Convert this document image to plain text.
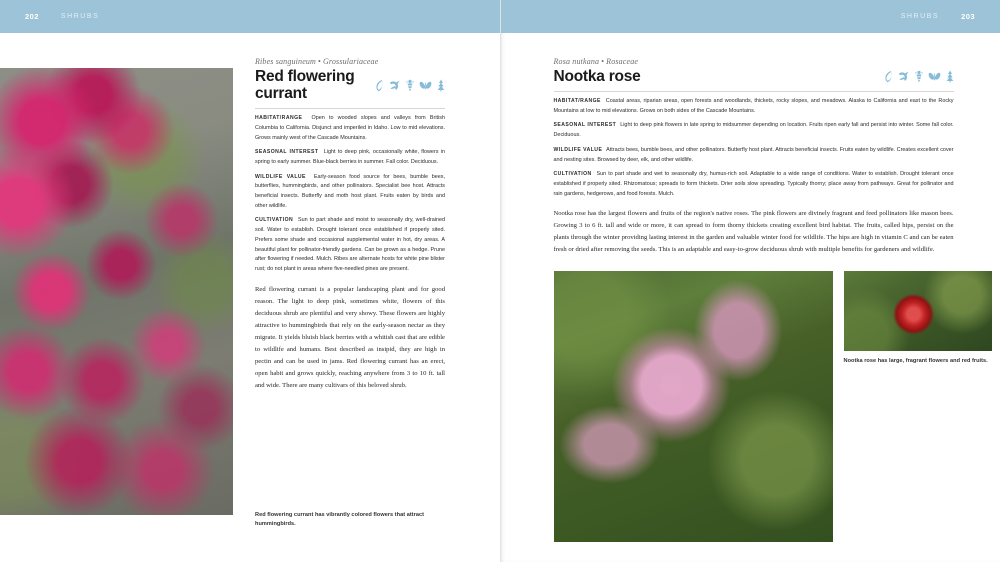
202	SHRUBS
Red flowering currant has vibrantly colored flowers that attract hummingbirds.
Ribes sanguineum • Grossulariaceae
Red flowering currant

HABITAT/RANGE Open to wooded slopes and valleys from British Columbia to California. Disjunct and imperiled in Idaho. Low to mid elevations. Grows mainly west of the Cascade Mountains.

SEASONAL INTEREST Light to deep pink, occasionally white, flowers in spring to early summer. Blue-black berries in summer. Fall color. Deciduous.

WILDLIFE VALUE Early-season food source for bees, bumble bees, butterflies, hummingbirds, and other pollinators. Specialist bee host. Attracts beneficial insects. Butterfly and moth host plant. Fruits eaten by birds and other wildlife.

CULTIVATION Sun to part shade and moist to seasonally dry, well-drained soil. Water to establish. Drought tolerant once established if properly sited. Prefers some shade and occasional supplemental water in hot, dry areas. A beautiful plant for pollinator-friendly gardens. Can be grown as a hedge. Prune after flowering if needed. Mulch. Ribes are alternate hosts for white pine blister rust; do not plant in areas where five-needled pines are present.

Red flowering currant is a popular landscaping plant and for good reason. The light to deep pink, sometimes white, flowers of this deciduous shrub are plentiful and very showy. These flowers are highly attractive to hummingbirds that rely on the early-season nectar as they migrate. It yields bluish black berries with a whitish cast that are edible to wildlife and humans. Best described as insipid, they are high in pectin and can be used in jams. Red flowering currant has an erect, open habit and grows quickly, reaching anywhere from 3 to 10 ft. tall and wide. There are many cultivars of this beloved shrub.

SHRUBS	203
Rosa nutkana • Rosaceae
Nootka rose

HABITAT/RANGE Coastal areas, riparian areas, open forests and woodlands, thickets, rocky slopes, and meadows. Alaska to California and east to the Rocky Mountains at low to mid elevations. Grows on both sides of the Cascade Mountains.

SEASONAL INTEREST Light to deep pink flowers in late spring to midsummer depending on location. Fruits ripen early fall and persist into winter. Some fall color. Deciduous.

WILDLIFE VALUE Attracts bees, bumble bees, and other pollinators. Butterfly host plant. Attracts beneficial insects. Fruits eaten by wildlife. Creates excellent cover and nesting sites. Browsed by deer, elk, and other wildlife.

CULTIVATION Sun to part shade and wet to seasonally dry, humus-rich soil. Adaptable to a wide range of conditions. Water to establish. Drought tolerant once established if properly sited. Rhizomatous; spreads to form thickets. Drier soils slow spreading. Typically thorny; place away from pathways. Great for pollinator and rain gardens, hedgerows, and food forests. Mulch.

Nootka rose has the largest flowers and fruits of the region's native roses. The pink flowers are divinely fragrant and feed pollinators like mason bees. Growing 3 to 6 ft. tall and wide or more, it can spread to form thorny thickets creating excellent bird habitat. The fruits, called hips, persist on the plants through the winter providing lasting interest in the garden and valuable winter food for wildlife. The hips are high in vitamin C and can be eaten fresh or dried after removing the seeds. This is an adaptable and easy-to-grow deciduous shrub with multiple benefits for gardeners and wildlife.

Nootka rose has large, fragrant flowers and red fruits.
